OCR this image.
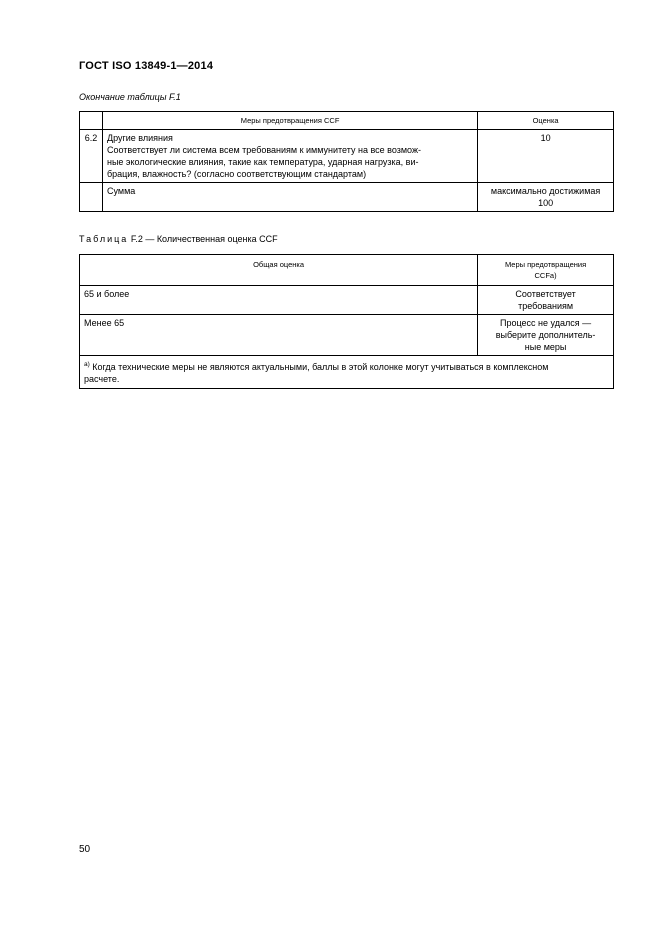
ГОСТ ISO 13849-1—2014
Окончание таблицы F.1
	Меры предотвращения CCF	Оценка
6.2	Другие влияния
Соответствует ли система всем требованиям к иммунитету на все возмож-
ные экологические влияния, такие как температура, ударная нагрузка, ви-
брация, влажность? (согласно соответствующим стандартам)	10

	Сумма	максимально достижимая
100
Таблица F.2 — Количественная оценка CCF
Общая оценка	Меры предотвращения
CCFа)

65 и более	Соответствует
требованиям

Менее 65	Процесс не удался —
выберите дополнитель-
ные меры

$^{а)}$ Когда технические меры не являются актуальными, баллы в этой колонке могут учитываться в комплексном
расчете.	
50
